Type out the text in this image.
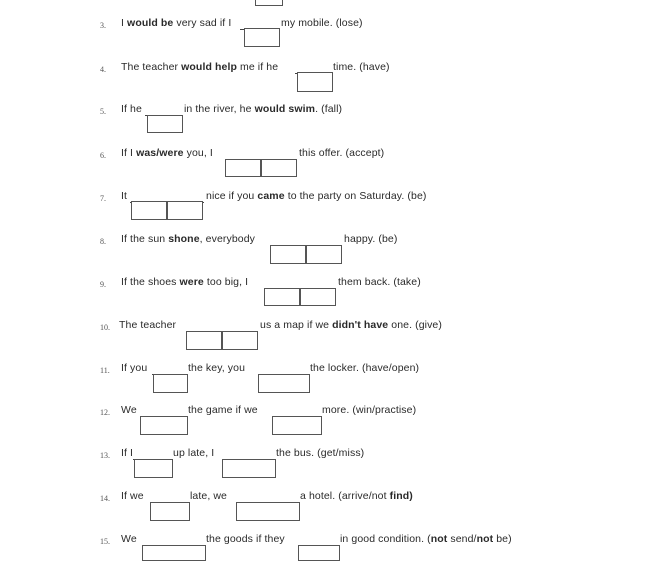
3. I would be very sad if I	my mobile. (lose)
4. The teacher would help me if he	time. (have)
5. If he	in the river, he would swim. (fall)
6. If I was/were you, I	this offer. (accept)
7. It	nice if you came to the party on Saturday. (be)
8. If the sun shone, everybody	happy. (be)
9. If the shoes were too big, I	them back. (take)
10. The teacher	us a map if we didn't have one. (give)
11. If you	the key, you	the locker. (have/open)
12. We	the game if we	more. (win/practise)
13. If I	up late, I	the bus. (get/miss)
14. If we	late, we	a hotel. (arrive/not find)
15. We	the goods if they	in good condition. (not send/not be)
